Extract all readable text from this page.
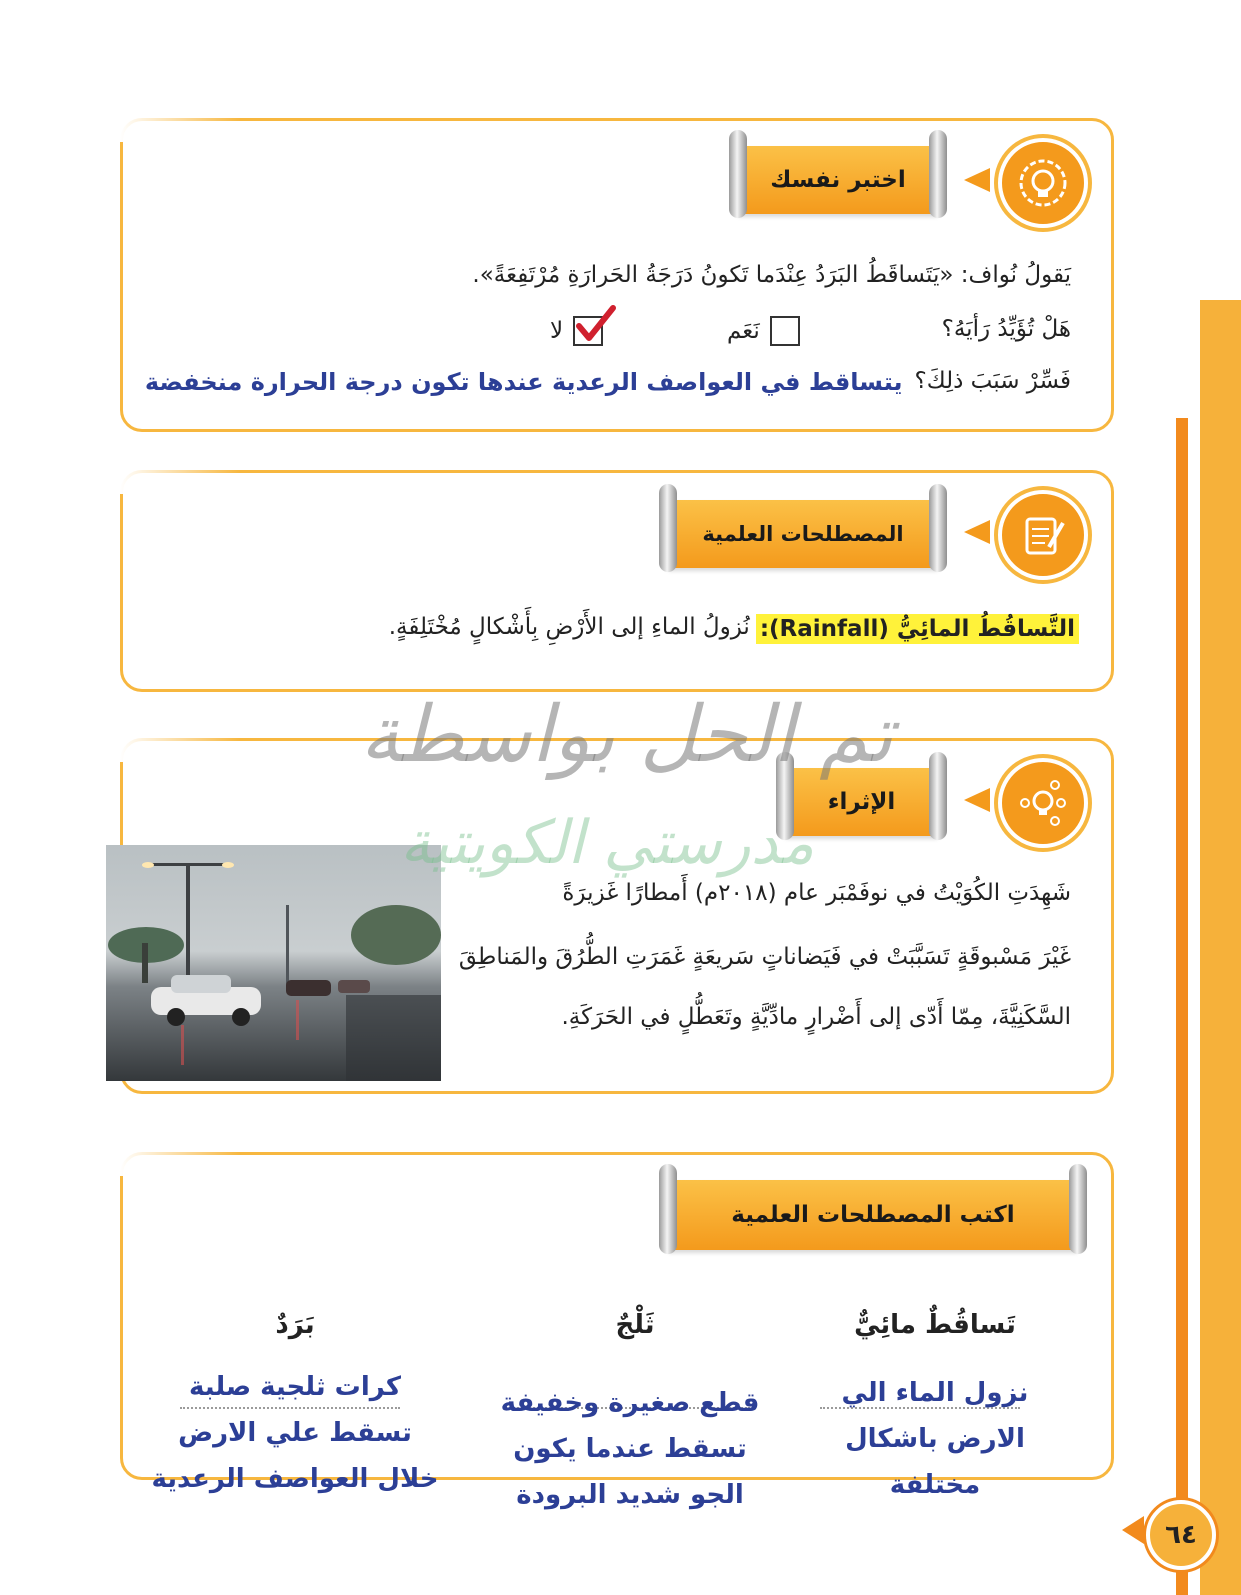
اختبر نفسك
يَقولُ نُواف: «يَتَساقَطُ البَرَدُ عِنْدَما تَكونُ دَرَجَةُ الحَرارَةِ مُرْتَفِعَةً».
هَلْ تُؤَيِّدُ رَأيَهُ؟
نَعَم
لا
فَسِّرْ سَبَبَ ذلِكَ؟
يتساقط في العواصف الرعدية عندها تكون درجة الحرارة منخفضة
المصطلحات العلمية
التَّساقُطُ المائِيُّ (Rainfall):
نُزولُ الماءِ إلى الأَرْضِ بِأَشْكالٍ مُخْتَلِفَةٍ.
الإثراء
شَهِدَتِ الكُوَيْتُ في نوفَمْبَر عام (٢٠١٨م) أَمطارًا غَزيرَةً
غَيْرَ مَسْبوقَةٍ تَسَبَّبَتْ في فَيَضاناتٍ سَريعَةٍ غَمَرَتِ الطُّرُقَ والمَناطِقَ
السَّكَنِيَّةَ، مِمّا أَدّى إلى أَضْرارٍ مادِّيَّةٍ وتَعَطُّلٍ في الحَرَكَةِ.
تم الحل بواسطة
مدرستي الكويتية
اكتب المصطلحات العلمية
تَساقُطٌ مائِيٌّ
نزول الماء الي
الارض باشكال
مختلفة
ثَلْجٌ
قطع صغيرة وخفيفة
تسقط عندما يكون
الجو شديد البرودة
بَرَدٌ
كرات ثلجية صلبة
تسقط علي الارض
خلال العواصف الرعدية
٦٤
